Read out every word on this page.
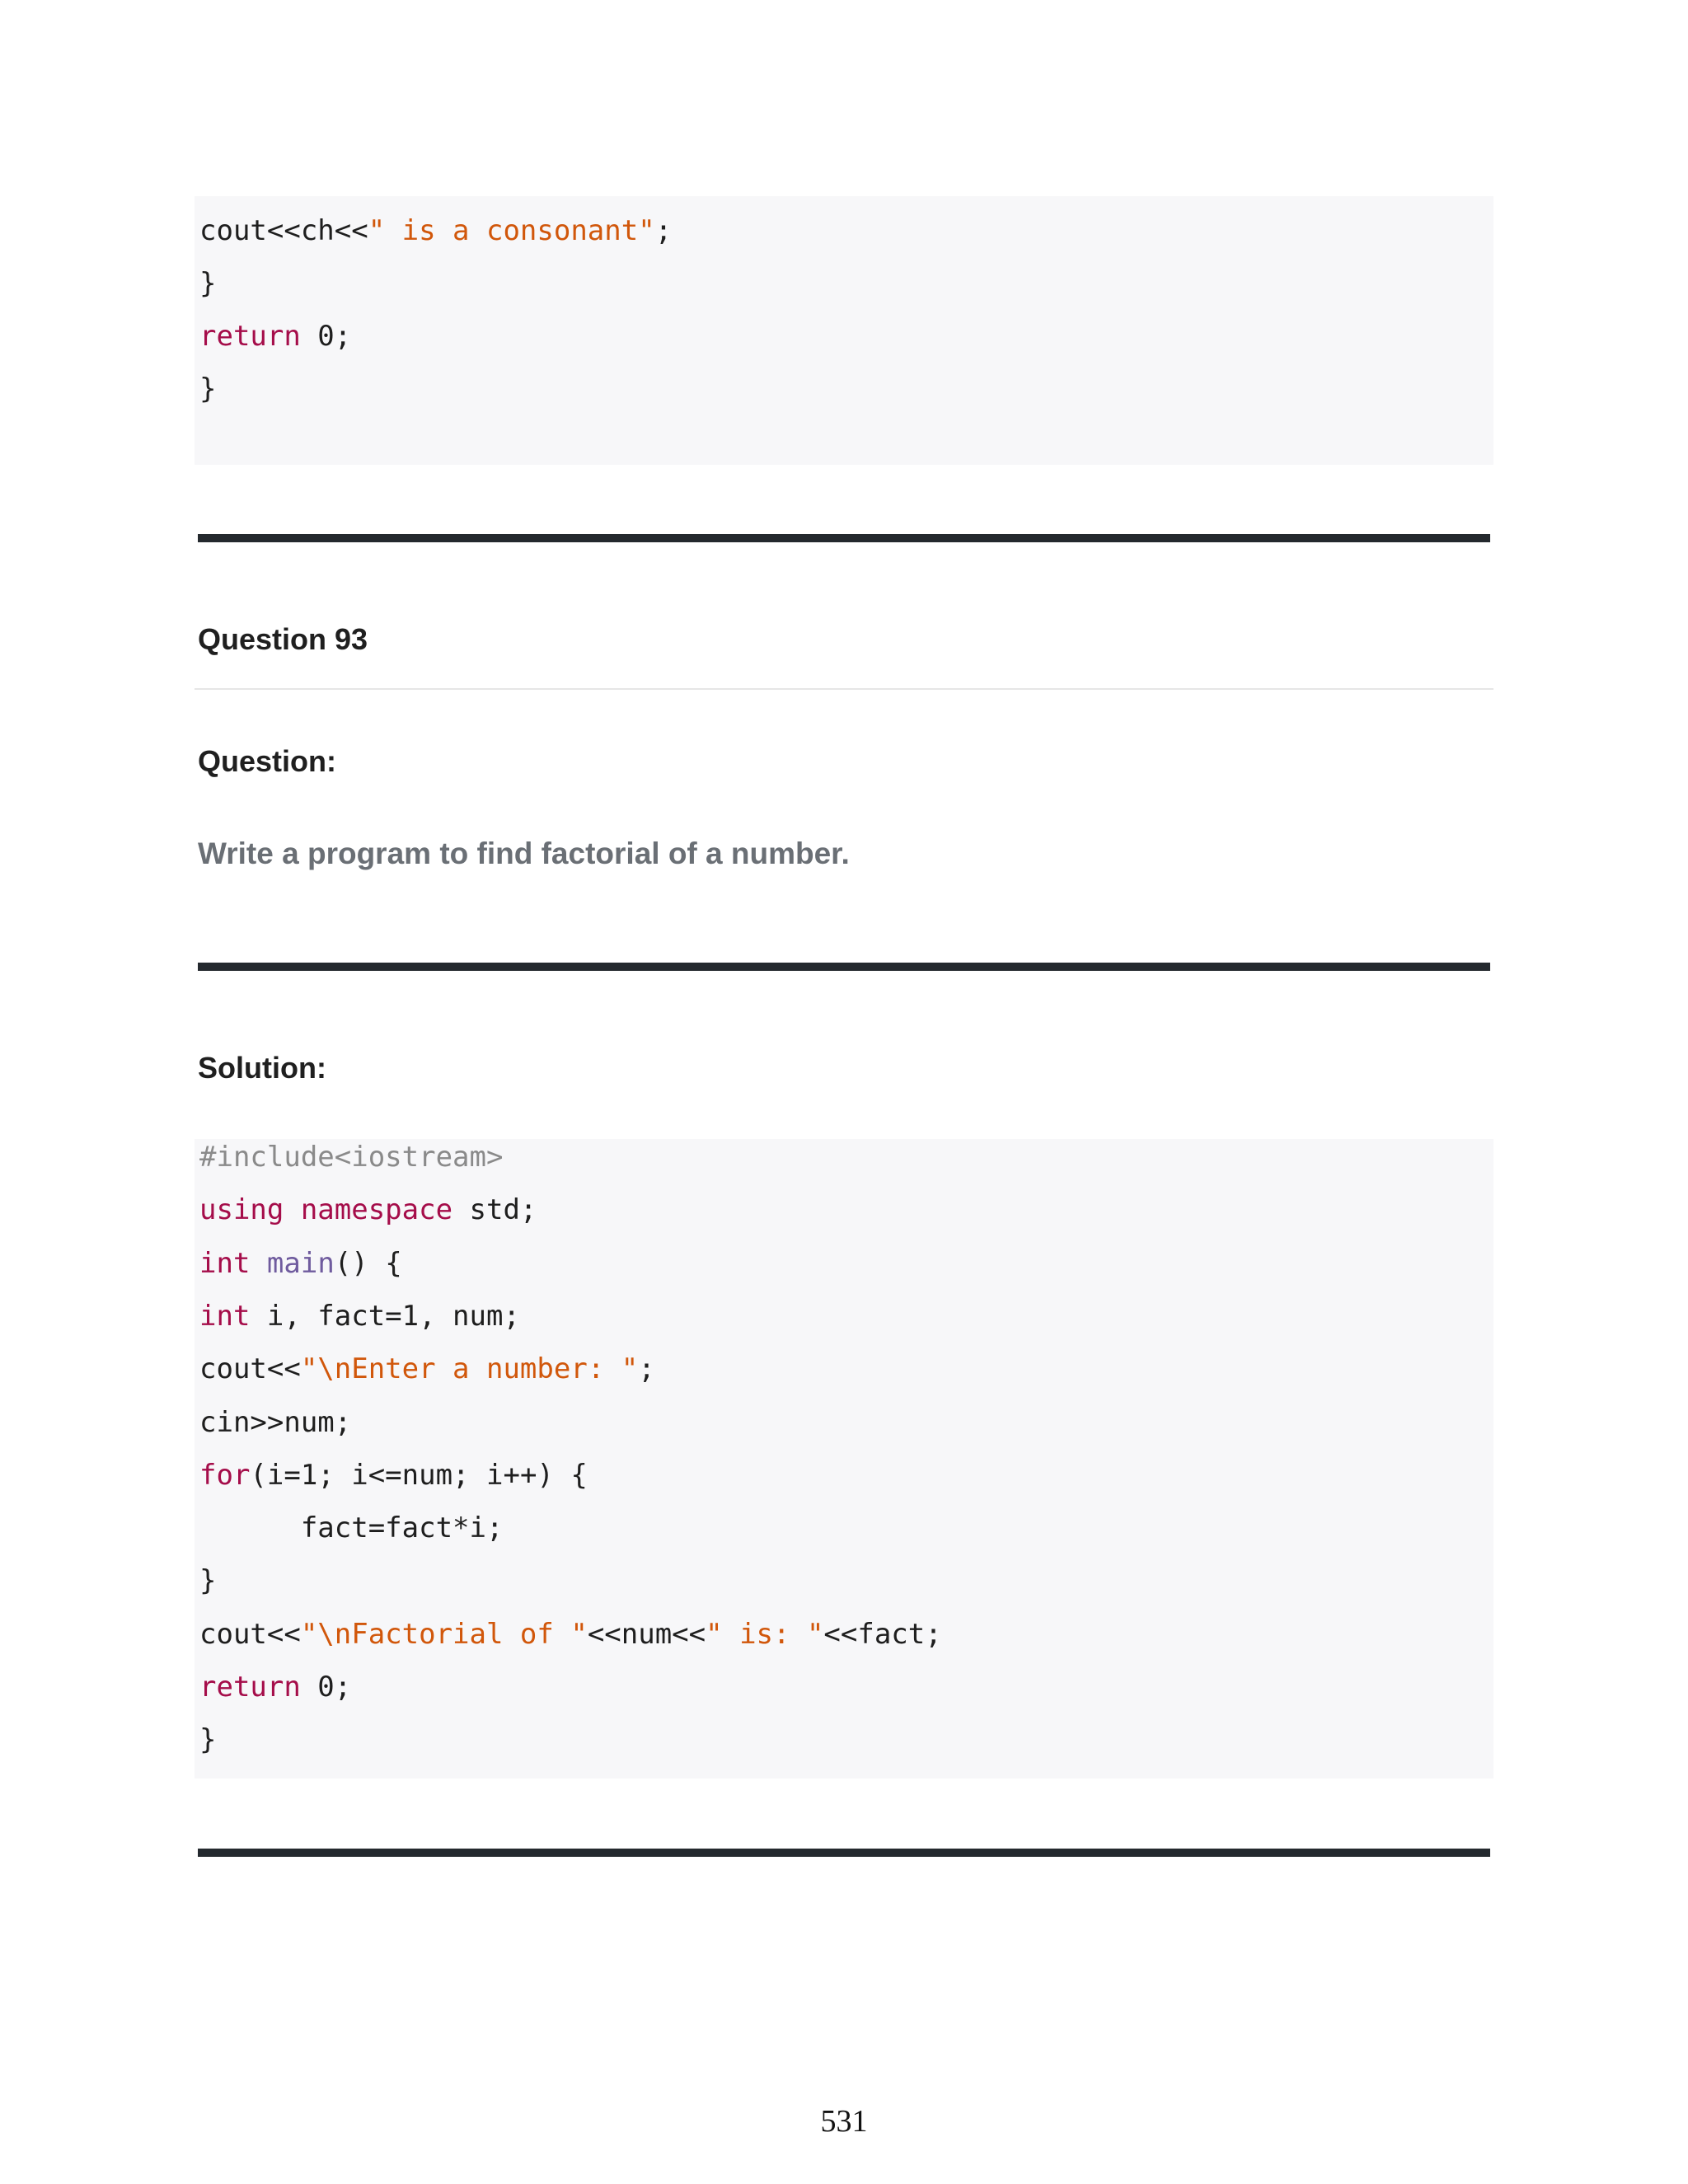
cout<<ch<<" is a consonant";
}
return 0;
}
Question 93
Question:
Write a program to find factorial of a number.
Solution:
#include<iostream>
using namespace std;
int main() {
int i, fact=1, num;
cout<<"\nEnter a number: ";
cin>>num;
for(i=1; i<=num; i++) {
fact=fact*i;
}
cout<<"\nFactorial of "<<num<<" is: "<<fact;
return 0;
}
531
